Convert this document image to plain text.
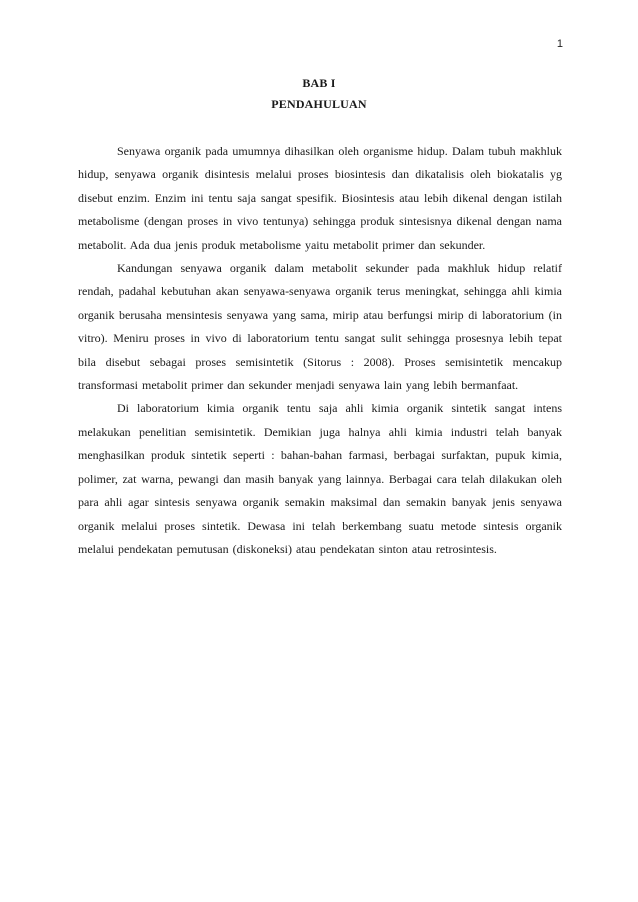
1
BAB I
PENDAHULUAN

Senyawa organik pada umumnya dihasilkan oleh organisme hidup. Dalam tubuh makhluk hidup, senyawa organik disintesis melalui proses biosintesis dan dikatalisis oleh biokatalis yg disebut enzim. Enzim ini tentu saja sangat spesifik. Biosintesis atau lebih dikenal dengan istilah metabolisme (dengan proses in vivo tentunya) sehingga produk sintesisnya dikenal dengan nama metabolit. Ada dua jenis produk metabolisme yaitu metabolit primer dan sekunder.

Kandungan senyawa organik dalam metabolit sekunder pada makhluk hidup relatif rendah, padahal kebutuhan akan senyawa-senyawa organik terus meningkat, sehingga ahli kimia organik berusaha mensintesis senyawa yang sama, mirip atau berfungsi mirip di laboratorium (in vitro). Meniru proses in vivo di laboratorium tentu sangat sulit sehingga prosesnya lebih tepat bila disebut sebagai proses semisintetik (Sitorus : 2008). Proses semisintetik mencakup transformasi metabolit primer dan sekunder menjadi senyawa lain yang lebih bermanfaat.

Di laboratorium kimia organik tentu saja ahli kimia organik sintetik sangat intens melakukan penelitian semisintetik. Demikian juga halnya ahli kimia industri telah banyak menghasilkan produk sintetik seperti : bahan-bahan farmasi, berbagai surfaktan, pupuk kimia, polimer, zat warna, pewangi dan masih banyak yang lainnya. Berbagai cara telah dilakukan oleh para ahli agar sintesis senyawa organik semakin maksimal dan semakin banyak jenis senyawa organik melalui proses sintetik. Dewasa ini telah berkembang suatu metode sintesis organik melalui pendekatan pemutusan (diskoneksi) atau pendekatan sinton atau retrosintesis.
